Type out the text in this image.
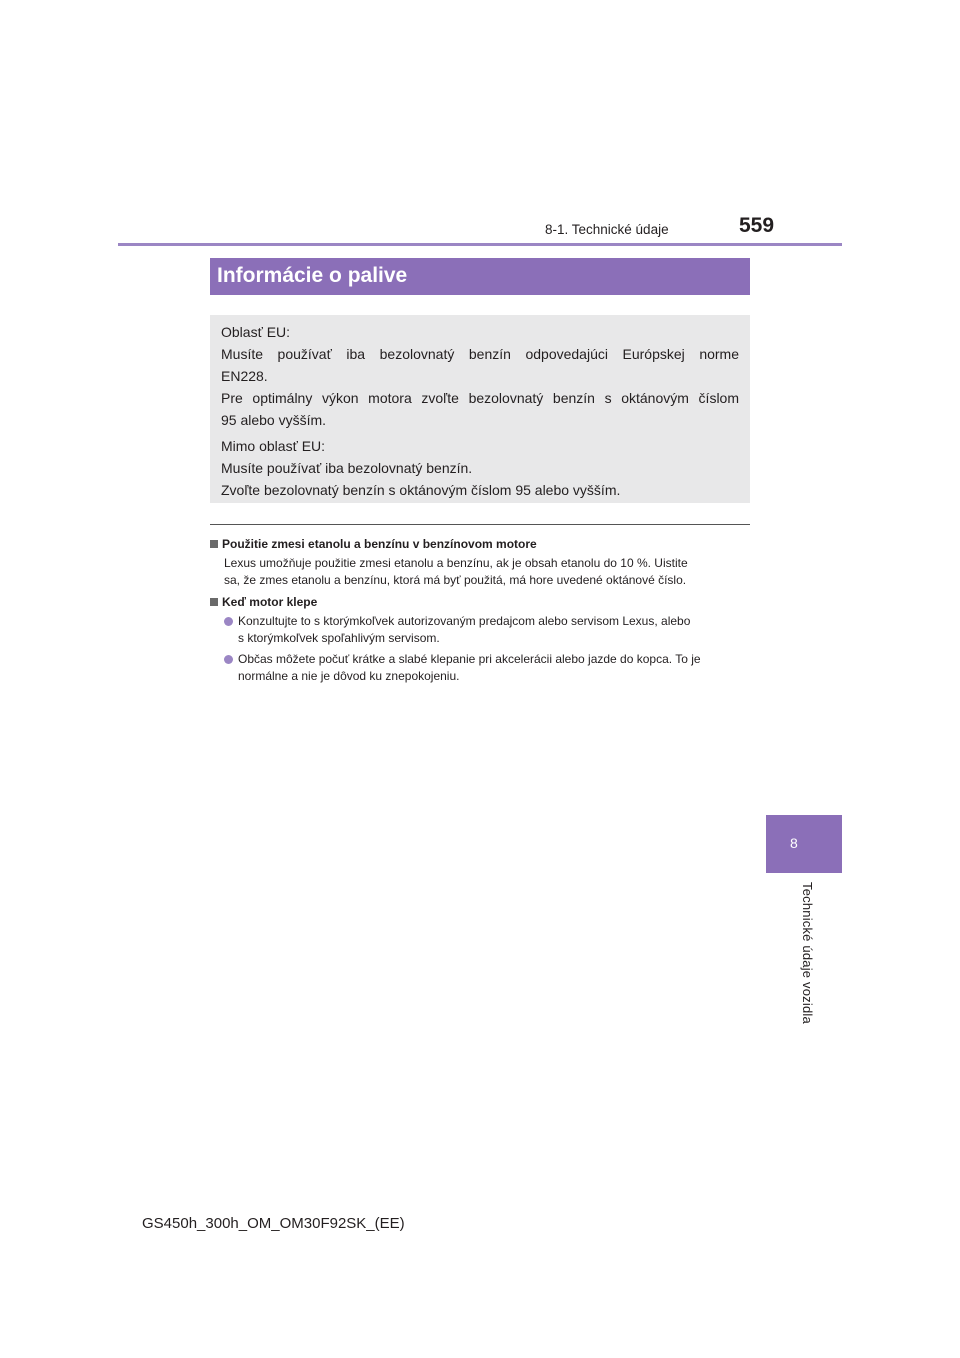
8-1. Technické údaje	559
Informácie o palive

Oblasť EU:

Musíte používať iba bezolovnatý benzín odpovedajúci Európskej norme

EN228.

Pre optimálny výkon motora zvoľte bezolovnatý benzín s oktánovým číslom

95 alebo vyšším.

Mimo oblasť EU:

Musíte používať iba bezolovnatý benzín.

Zvoľte bezolovnatý benzín s oktánovým číslom 95 alebo vyšším.

Použitie zmesi etanolu a benzínu v benzínovom motore
Lexus umožňuje použitie zmesi etanolu a benzínu, ak je obsah etanolu do 10 %. Uistite
sa, že zmes etanolu a benzínu, ktorá má byť použitá, má hore uvedené oktánové číslo.
Keď motor klepe
Konzultujte to s ktorýmkoľvek autorizovaným predajcom alebo servisom Lexus, alebo
s ktorýmkoľvek spoľahlivým servisom.
Občas môžete počuť krátke a slabé klepanie pri akcelerácii alebo jazde do kopca. To je
normálne a nie je dôvod ku znepokojeniu.
8
Technické údaje vozidla
GS450h_300h_OM_OM30F92SK_(EE)
